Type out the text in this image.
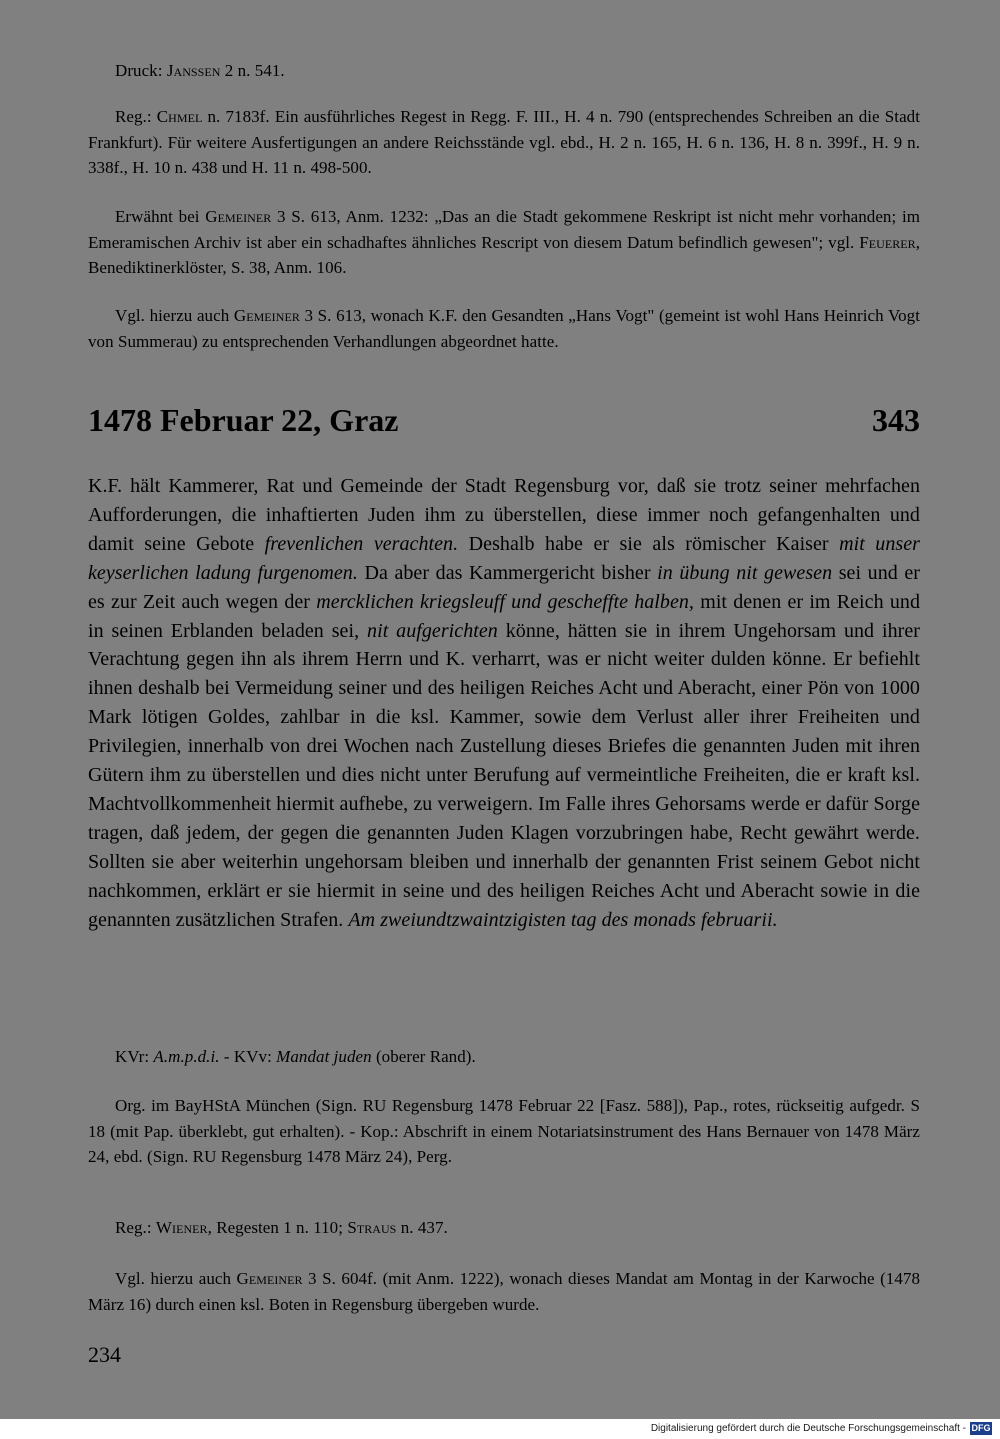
Druck: Janssen 2 n. 541.

Reg.: Chmel n. 7183f. Ein ausführliches Regest in Regg. F. III., H. 4 n. 790 (entsprechendes Schreiben an die Stadt Frankfurt). Für weitere Ausfertigungen an andere Reichsstände vgl. ebd., H. 2 n. 165, H. 6 n. 136, H. 8 n. 399f., H. 9 n. 338f., H. 10 n. 438 und H. 11 n. 498-500.

Erwähnt bei Gemeiner 3 S. 613, Anm. 1232: „Das an die Stadt gekommene Reskript ist nicht mehr vorhanden; im Emeramischen Archiv ist aber ein schadhaftes ähnliches Rescript von diesem Datum befindlich gewesen"; vgl. Feuerer, Benediktinerklöster, S. 38, Anm. 106.

Vgl. hierzu auch Gemeiner 3 S. 613, wonach K.F. den Gesandten „Hans Vogt" (gemeint ist wohl Hans Heinrich Vogt von Summerau) zu entsprechenden Verhandlungen abgeordnet hatte.

1478 Februar 22, Graz	343

K.F. hält Kammerer, Rat und Gemeinde der Stadt Regensburg vor, daß sie trotz seiner mehrfachen Aufforderungen, die inhaftierten Juden ihm zu überstellen, diese immer noch gefangenhalten und damit seine Gebote frevenlichen verachten. Deshalb habe er sie als römischer Kaiser mit unser keyserlichen ladung furgenomen. Da aber das Kammergericht bisher in übung nit gewesen sei und er es zur Zeit auch wegen der mercklichen kriegsleuff und gescheffte halben, mit denen er im Reich und in seinen Erblanden beladen sei, nit aufgerichten könne, hätten sie in ihrem Ungehorsam und ihrer Verachtung gegen ihn als ihrem Herrn und K. verharrt, was er nicht weiter dulden könne. Er befiehlt ihnen deshalb bei Vermeidung seiner und des heiligen Reiches Acht und Aberacht, einer Pön von 1000 Mark lötigen Goldes, zahlbar in die ksl. Kammer, sowie dem Verlust aller ihrer Freiheiten und Privilegien, innerhalb von drei Wochen nach Zustellung dieses Briefes die genannten Juden mit ihren Gütern ihm zu überstellen und dies nicht unter Berufung auf vermeintliche Freiheiten, die er kraft ksl. Machtvollkommenheit hiermit aufhebe, zu verweigern. Im Falle ihres Gehorsams werde er dafür Sorge tragen, daß jedem, der gegen die genannten Juden Klagen vorzubringen habe, Recht gewährt werde. Sollten sie aber weiterhin ungehorsam bleiben und innerhalb der genannten Frist seinem Gebot nicht nachkommen, erklärt er sie hiermit in seine und des heiligen Reiches Acht und Aberacht sowie in die genannten zusätzlichen Strafen. Am zweiundtzwaintzigisten tag des monads februarii.

KVr: A.m.p.d.i. - KVv: Mandat juden (oberer Rand).

Org. im BayHStA München (Sign. RU Regensburg 1478 Februar 22 [Fasz. 588]), Pap., rotes, rückseitig aufgedr. S 18 (mit Pap. überklebt, gut erhalten). - Kop.: Abschrift in einem Notariatsinstrument des Hans Bernauer von 1478 März 24, ebd. (Sign. RU Regensburg 1478 März 24), Perg.

Reg.: Wiener, Regesten 1 n. 110; Straus n. 437.

Vgl. hierzu auch Gemeiner 3 S. 604f. (mit Anm. 1222), wonach dieses Mandat am Montag in der Karwoche (1478 März 16) durch einen ksl. Boten in Regensburg übergeben wurde.

234
Digitalisierung gefördert durch die Deutsche Forschungsgemeinschaft - DFG
